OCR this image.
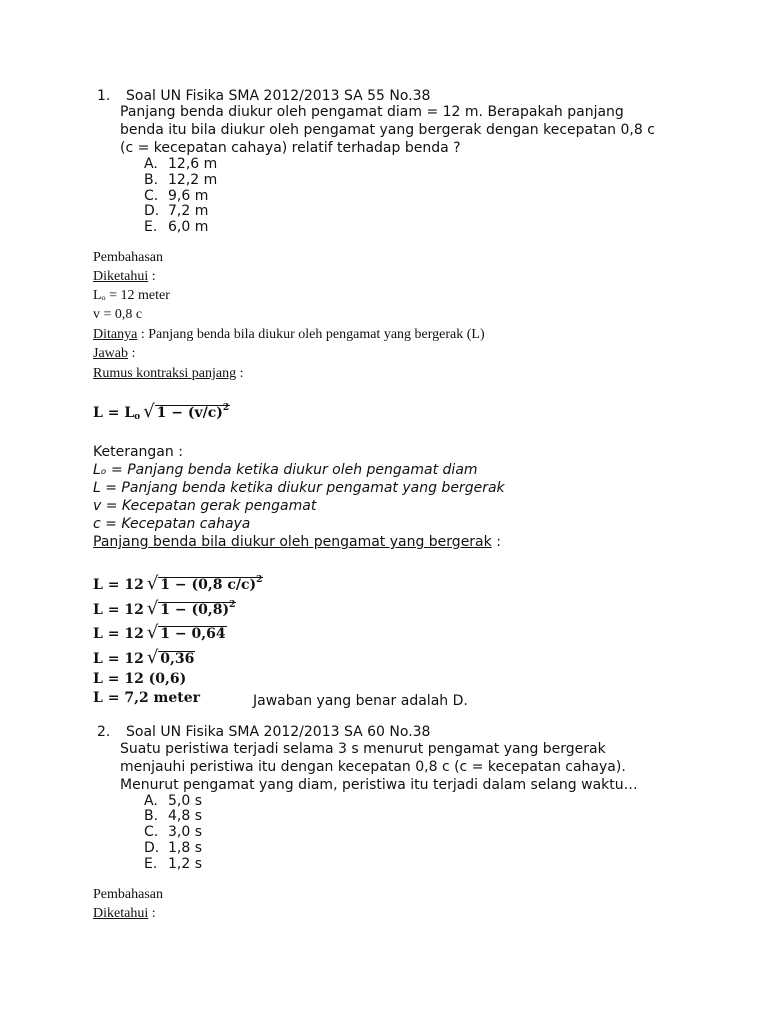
1. Soal UN Fisika SMA 2012/2013 SA 55 No.38
Panjang benda diukur oleh pengamat diam = 12 m. Berapakah panjang
benda itu bila diukur oleh pengamat yang bergerak dengan kecepatan 0,8 c
(c = kecepatan cahaya) relatif terhadap benda ?
A. 12,6 m
B. 12,2 m
C. 9,6 m
D. 7,2 m
E. 6,0 m
Pembahasan
Diketahui :
Lₒ = 12 meter
v = 0,8 c
Ditanya : Panjang benda bila diukur oleh pengamat yang bergerak (L)
Jawab :
Rumus kontraksi panjang :
$L = L_o$ √ $1 - (v/c)^2$
Keterangan :
Lₒ = Panjang benda ketika diukur oleh pengamat diam
L = Panjang benda ketika diukur pengamat yang bergerak
v = Kecepatan gerak pengamat
c = Kecepatan cahaya
Panjang benda bila diukur oleh pengamat yang bergerak :
L = 12 √ 1 − (0,8 c/c)$^2$
L = 12 √ $1 - (0,8)^2$
L = 12 √ 1 − 0,64
L = 12 √ 0,36
L = 12 (0,6)
L = 7,2 meter	Jawaban yang benar adalah D.
2. Soal UN Fisika SMA 2012/2013 SA 60 No.38
Suatu peristiwa terjadi selama 3 s menurut pengamat yang bergerak
menjauhi peristiwa itu dengan kecepatan 0,8 c (c = kecepatan cahaya).
Menurut pengamat yang diam, peristiwa itu terjadi dalam selang waktu…
A. 5,0 s
B. 4,8 s
C. 3,0 s
D. 1,8 s
E. 1,2 s
Pembahasan
Diketahui :
